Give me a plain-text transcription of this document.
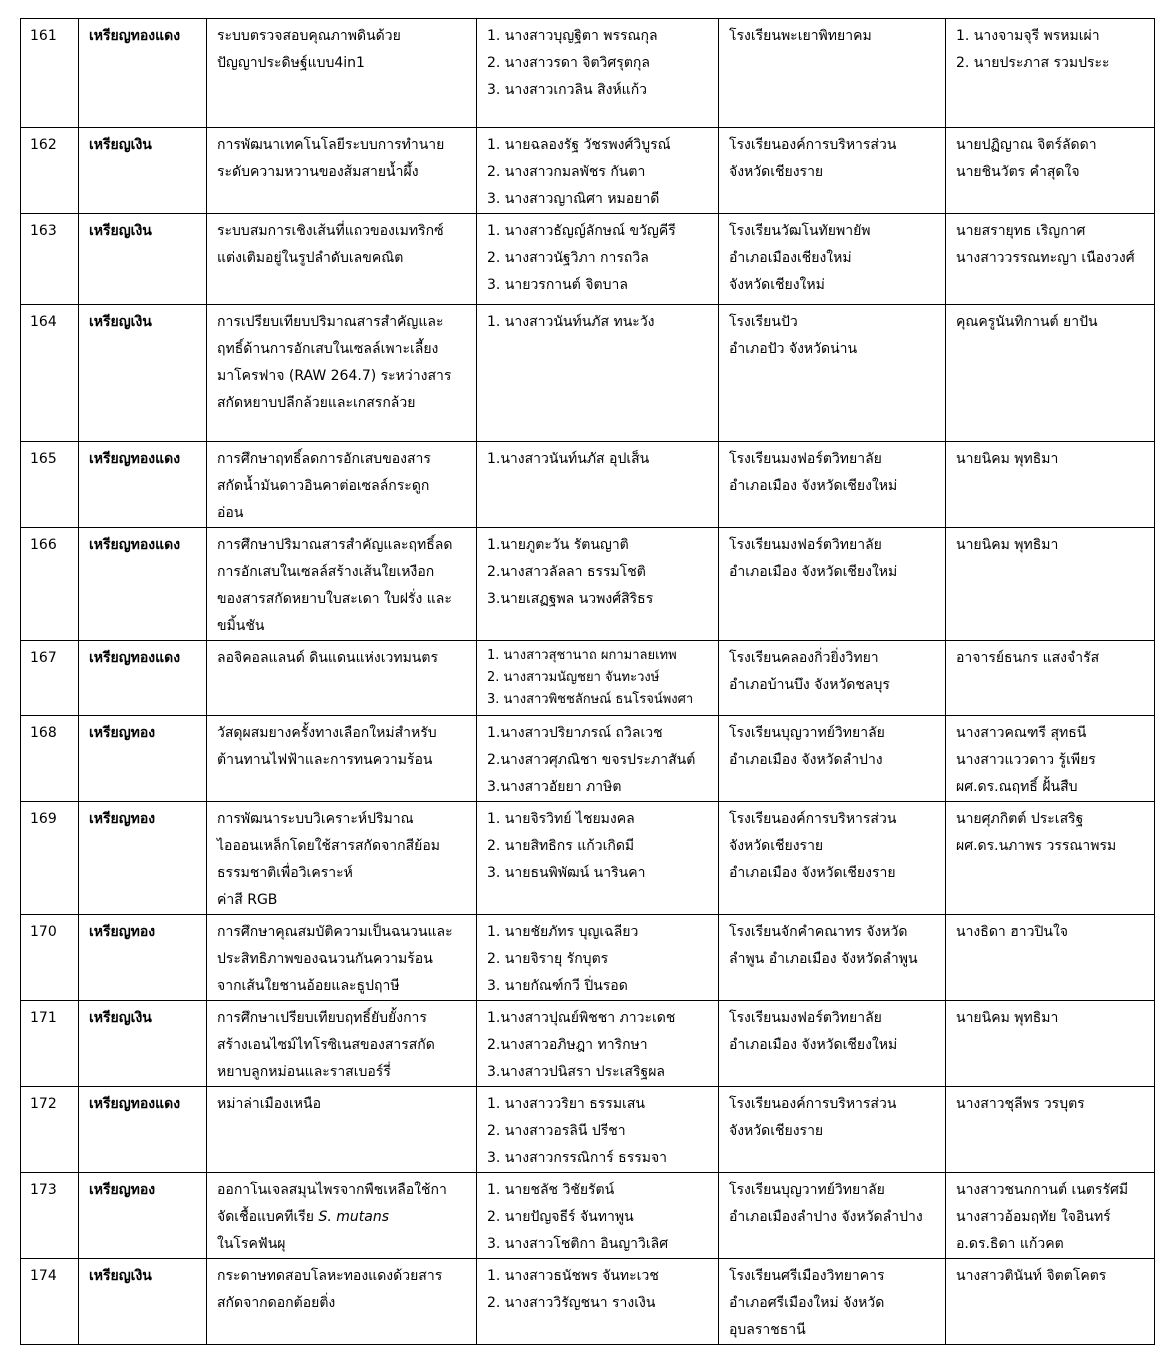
161	เหรียญทองแดง	ระบบตรวจสอบคุณภาพดินด้วย
ปัญญาประดิษฐ์แบบ4in1	1. นางสาวบุญฐิตา พรรณกุล
2. นางสาวรดา จิตวิศรุตกุล
3. นางสาวเกวลิน สิงห์แก้ว	โรงเรียนพะเยาพิทยาคม	1. นางจามจุรี พรหมเผ่า
2. นายประภาส รวมประะ

162	เหรียญเงิน	การพัฒนาเทคโนโลยีระบบการทำนาย
ระดับความหวานของส้มสายน้ำผึ้ง	1. นายฉลองรัฐ วัชรพงศ์วิบูรณ์
2. นางสาวกมลพัชร กันตา
3. นางสาวญาณิศา หมอยาดี	โรงเรียนองค์การบริหารส่วน
จังหวัดเชียงราย	นายปฏิญาณ จิตร์ลัดดา
นายชินวัตร คำสุดใจ

163	เหรียญเงิน	ระบบสมการเชิงเส้นที่แถวของเมทริกซ์
แต่งเติมอยู่ในรูปลำดับเลขคณิต	1. นางสาวธัญญ์ลักษณ์ ขวัญคีรี
2. นางสาวนัฐวิภา การถวิล
3. นายวรกานต์ จิตบาล	โรงเรียนวัฒโนทัยพายัพ
อำเภอเมืองเชียงใหม่
จังหวัดเชียงใหม่	นายสรายุทธ เริญกาศ
นางสาววรรณทะญา เนืองวงศ์

164	เหรียญเงิน	การเปรียบเทียบปริมาณสารสำคัญและ
ฤทธิ์ด้านการอักเสบในเซลล์เพาะเลี้ยง
มาโครฟาจ (RAW 264.7) ระหว่างสาร
สกัดหยาบปลีกล้วยและเกสรกล้วย	1. นางสาวนันท์นภัส ทนะวัง	โรงเรียนปัว
อำเภอปัว จังหวัดน่าน	คุณครูนันทิกานต์ ยาปัน

165	เหรียญทองแดง	การศึกษาฤทธิ์ลดการอักเสบของสาร
สกัดน้ำมันดาวอินคาต่อเซลล์กระดูก
อ่อน	1.นางสาวนันท์นภัส อุปเส็น	โรงเรียนมงฟอร์ตวิทยาลัย
อำเภอเมือง จังหวัดเชียงใหม่	นายนิคม พุทธิมา

166	เหรียญทองแดง	การศึกษาปริมาณสารสำคัญและฤทธิ์ลด
การอักเสบในเซลล์สร้างเส้นใยเหงือก
ของสารสกัดหยาบใบสะเดา ใบฝรั่ง และ
ขมิ้นชัน	1.นายภูตะวัน รัตนญาติ
2.นางสาวลัลลา ธรรมโชติ
3.นายเสฏฐพล นวพงศ์สิริธร	โรงเรียนมงฟอร์ตวิทยาลัย
อำเภอเมือง จังหวัดเชียงใหม่	นายนิคม พุทธิมา

167	เหรียญทองแดง	ลอจิคอลแลนด์ ดินแดนแห่งเวทมนตร	1. นางสาวสุชานาถ ผกามาลยเทพ
2. นางสาวมนัญชยา จันทะวงษ์
3. นางสาวพิชชลักษณ์ ธนโรจน์พงศา	โรงเรียนคลองกิ่วยิ่งวิทยา
อำเภอบ้านบึง จังหวัดชลบุร	อาจารย์ธนกร แสงจำรัส

168	เหรียญทอง	วัสดุผสมยางครั้งทางเลือกใหม่สำหรับ
ต้านทานไฟฟ้าและการทนความร้อน	1.นางสาวปริยาภรณ์ ถวิลเวช
2.นางสาวศุภณิชา ขจรประภาสันต์
3.นางสาวอัยยา ภาษิต	โรงเรียนบุญวาทย์วิทยาลัย
อำเภอเมือง จังหวัดลำปาง	นางสาวคณฑรี สุทธนี
นางสาวแววดาว รู้เพียร
ผศ.ดร.ณฤทธิ์ ฝั้นสืบ

169	เหรียญทอง	การพัฒนาระบบวิเคราะห์ปริมาณ
ไอออนเหล็กโดยใช้สารสกัดจากสีย้อม
ธรรมชาติเพื่อวิเคราะห์
ค่าสี RGB	1. นายจิรวิทย์ ไชยมงคล
2. นายสิทธิกร แก้วเกิดมี
3. นายธนพิพัฒน์ นารินคา	โรงเรียนองค์การบริหารส่วน
จังหวัดเชียงราย
อำเภอเมือง จังหวัดเชียงราย	นายศุภกิตต์ ประเสริฐ
ผศ.ดร.นภาพร วรรณาพรม

170	เหรียญทอง	การศึกษาคุณสมบัติความเป็นฉนวนและ
ประสิทธิภาพของฉนวนกันความร้อน
จากเส้นใยชานอ้อยและธูปฤาษี	1. นายชัยภัทร บุญเฉลียว
2. นายจิรายุ รักบุตร
3. นายกัณฑ์กวี ปิ่นรอด	โรงเรียนจักคำคณาทร จังหวัด
ลำพูน อำเภอเมือง จังหวัดลำพูน	นางธิดา ฮาวปินใจ

171	เหรียญเงิน	การศึกษาเปรียบเทียบฤทธิ์ยับยั้งการ
สร้างเอนไซม์ไทโรซิเนสของสารสกัด
หยาบลูกหม่อนและราสเบอร์รี่	1.นางสาวปุณย์พิชชา ภาวะเดช
2.นางสาวอภิษฎา ทาริกษา
3.นางสาวปนิสรา ประเสริฐผล	โรงเรียนมงฟอร์ตวิทยาลัย
อำเภอเมือง จังหวัดเชียงใหม่	นายนิคม พุทธิมา

172	เหรียญทองแดง	หม่าล่าเมืองเหนือ	1. นางสาววริยา ธรรมเสน
2. นางสาวอรลินี ปรีชา
3. นางสาวกรรณิการ์ ธรรมจา	โรงเรียนองค์การบริหารส่วน
จังหวัดเชียงราย	นางสาวชุลีพร วรบุตร

173	เหรียญทอง	ออกาโนเจลสมุนไพรจากพืชเหลือใช้กา
จัดเชื้อแบคทีเรีย S. mutans
ในโรคฟันผุ	1. นายชลัช วิชัยรัตน์
2. นายปัญจธีร์ จันทาพูน
3. นางสาวโชติกา อินญาวิเลิศ	โรงเรียนบุญวาทย์วิทยาลัย
อำเภอเมืองลำปาง จังหวัดลำปาง	นางสาวชนกกานต์ เนตรรัศมี
นางสาวอ้อมฤทัย ใจอินทร์
อ.ดร.ธิดา แก้วคต

174	เหรียญเงิน	กระดาษทดสอบโลหะทองแดงด้วยสาร
สกัดจากดอกต้อยติ่ง	1. นางสาวธนัชพร จันทะเวช
2. นางสาววิรัญชนา รางเงิน	โรงเรียนศรีเมืองวิทยาคาร
อำเภอศรีเมืองใหม่ จังหวัด
อุบลราชธานี	นางสาวตินันท์ จิตตโคตร
